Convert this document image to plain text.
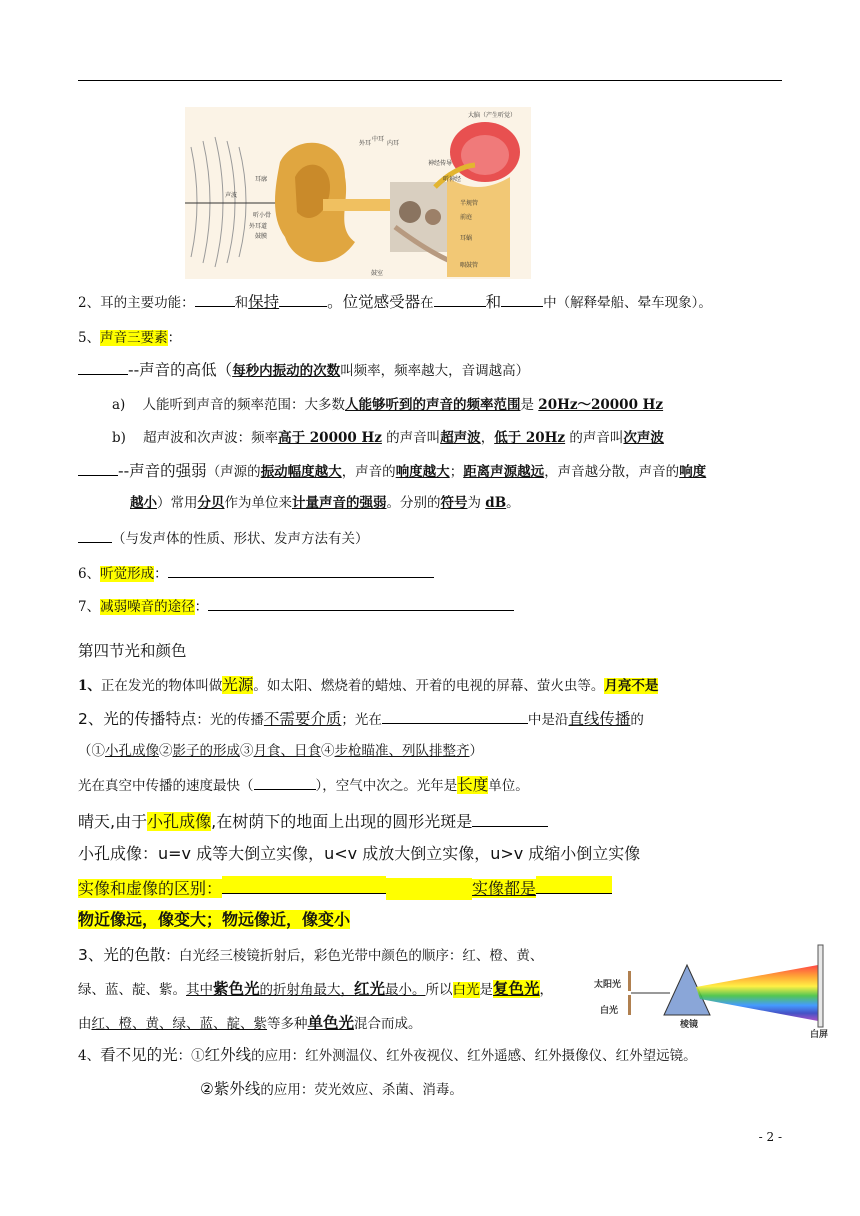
大脑（产生听觉）
外耳
中耳
内耳
神经传导
听神经
耳廓
声波
听小骨
外耳道
鼓膜
半规管
前庭
耳蜗
咽鼓管
鼓室
2、耳的主要功能：	和保持	。位觉感受器在	和	中（解释晕船、晕车现象）。
5、声音三要素：
--声音的高低（每秒内振动的次数叫频率，频率越大，音调越高）
a) 人能听到声音的频率范围：大多数人能够听到的声音的频率范围是 20Hz～20000 Hz
b) 超声波和次声波：频率高于 20000 Hz 的声音叫超声波，低于 20Hz 的声音叫次声波
--声音的强弱（声源的振动幅度越大，声音的响度越大；距离声源越远，声音越分散，声音的响度
越小）常用分贝作为单位来计量声音的强弱。分别的符号为 dB。
（与发声体的性质、形状、发声方法有关）
6、听觉形成：
7、减弱噪音的途径：
第四节光和颜色
1、正在发光的物体叫做光源。如太阳、燃烧着的蜡烛、开着的电视的屏幕、萤火虫等。月亮不是
2、光的传播特点：光的传播不需要介质；光在	中是沿直线传播的
（①小孔成像②影子的形成③月食、日食④步枪瞄准、列队排整齐）
光在真空中传播的速度最快（	），空气中次之。光年是长度单位。
晴天,由于小孔成像,在树荫下的地面上出现的圆形光斑是
小孔成像：u=v 成等大倒立实像，u<v 成放大倒立实像，u>v 成缩小倒立实像
实像和虚像的区别：	实像都是
物近像远，像变大；物远像近，像变小
3、光的色散：白光经三棱镜折射后，彩色光带中颜色的顺序：红、橙、黄、
绿、蓝、靛、紫。其中紫色光的折射角最大，红光最小。所以白光是复色光，
由红、橙、黄、绿、蓝、靛、紫等多种单色光混合而成。
4、看不见的光：①红外线的应用：红外测温仪、红外夜视仪、红外遥感、红外摄像仪、红外望远镜。
②紫外线的应用：荧光效应、杀菌、消毒。
太阳光
白光
棱镜
白屏
- 2 -
